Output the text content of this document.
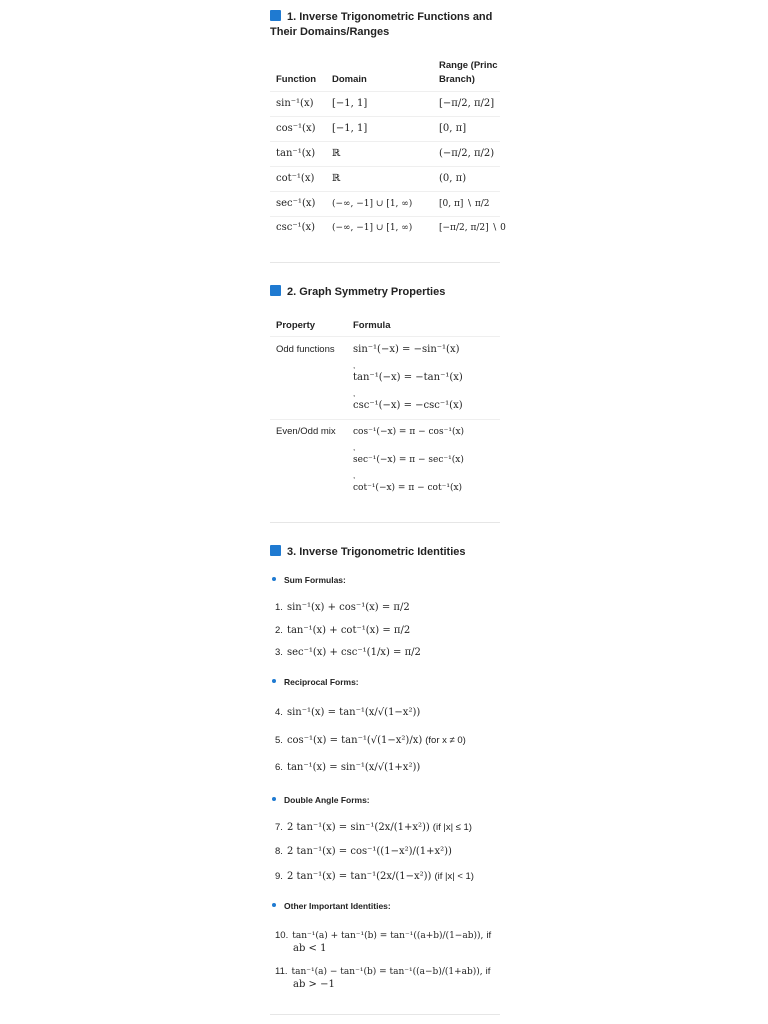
1. Inverse Trigonometric Functions and
Their Domains/Ranges
Function Domain
Range (Princ
Branch)
sin⁻¹(x) [−1, 1]	[−π/2, π/2]
cos⁻¹(x) [−1, 1]	[0, π]
tan⁻¹(x) ℝ	(−π/2, π/2)
cot⁻¹(x) ℝ	(0, π)
sec⁻¹(x) (−∞, −1] ∪ [1, ∞)	[0, π] ∖ π/2
csc⁻¹(x) (−∞, −1] ∪ [1, ∞)	[−π/2, π/2] ∖ 0
2. Graph Symmetry Properties
Property	Formula
Odd functions sin⁻¹(−x) = −sin⁻¹(x)
,
tan⁻¹(−x) = −tan⁻¹(x)
,
csc⁻¹(−x) = −csc⁻¹(x)
Even/Odd mix cos⁻¹(−x) = π − cos⁻¹(x)
,
sec⁻¹(−x) = π − sec⁻¹(x)
,
cot⁻¹(−x) = π − cot⁻¹(x)
3. Inverse Trigonometric Identities
Sum Formulas:
1. sin⁻¹(x) + cos⁻¹(x) = π/2
2. tan⁻¹(x) + cot⁻¹(x) = π/2
3. sec⁻¹(x) + csc⁻¹(1/x) = π/2
Reciprocal Forms:
4. sin⁻¹(x) = tan⁻¹(x/√(1−x²))
5. cos⁻¹(x) = tan⁻¹(√(1−x²)/x) (for x ≠ 0)
6. tan⁻¹(x) = sin⁻¹(x/√(1+x²))
Double Angle Forms:
7. 2 tan⁻¹(x) = sin⁻¹(2x/(1+x²)) (if |x| ≤ 1)
8. 2 tan⁻¹(x) = cos⁻¹((1−x²)/(1+x²))
9. 2 tan⁻¹(x) = tan⁻¹(2x/(1−x²)) (if |x| < 1)
Other Important Identities:
10. tan⁻¹(a) + tan⁻¹(b) = tan⁻¹((a+b)/(1−ab)), if
ab < 1
11. tan⁻¹(a) − tan⁻¹(b) = tan⁻¹((a−b)/(1+ab)), if
ab > −1
